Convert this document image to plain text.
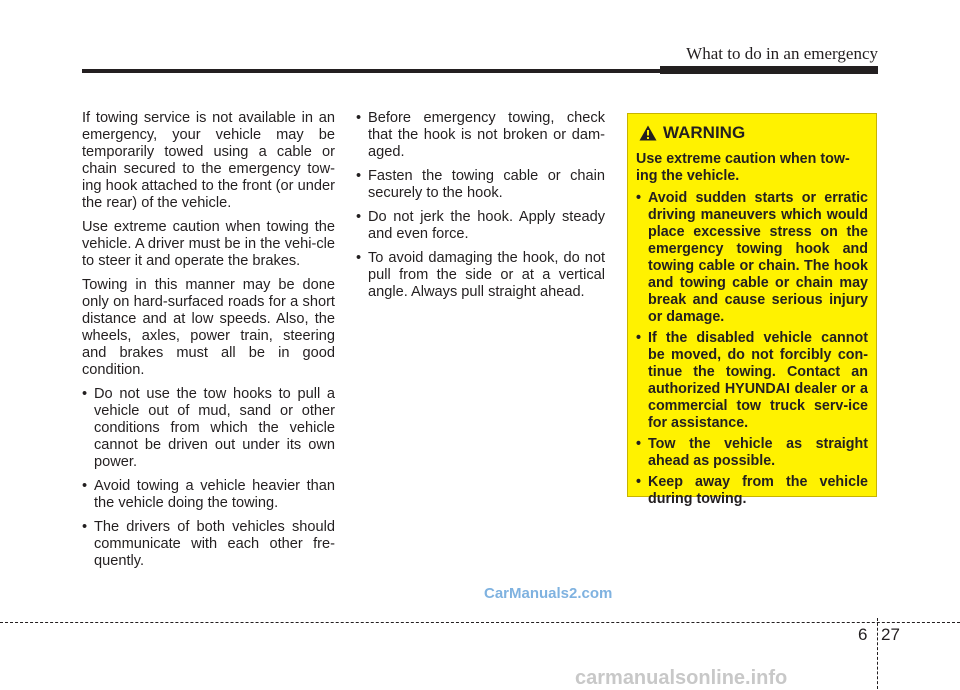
What to do in an emergency

If towing service is not available in an emergency, your vehicle may be temporarily towed using a cable or chain secured to the emergency tow-ing hook attached to the front (or under the rear) of the vehicle.

Use extreme caution when towing the vehicle. A driver must be in the vehi-cle to steer it and operate the brakes.

Towing in this manner may be done only on hard-surfaced roads for a short distance and at low speeds. Also, the wheels, axles, power train, steering and brakes must all be in good condition.

• Do not use the tow hooks to pull a vehicle out of mud, sand or other conditions from which the vehicle cannot be driven out under its own power.
• Avoid towing a vehicle heavier than the vehicle doing the towing.
• The drivers of both vehicles should communicate with each other fre-quently.
• Before emergency towing, check that the hook is not broken or dam-aged.
• Fasten the towing cable or chain securely to the hook.
• Do not jerk the hook. Apply steady and even force.
• To avoid damaging the hook, do not pull from the side or at a vertical angle. Always pull straight ahead.
WARNING

Use extreme caution when tow-ing the vehicle.

• Avoid sudden starts or erratic driving maneuvers which would place excessive stress on the emergency towing hook and towing cable or chain. The hook and towing cable or chain may break and cause serious injury or damage.
• If the disabled vehicle cannot be moved, do not forcibly con-tinue the towing. Contact an authorized HYUNDAI dealer or a commercial tow truck serv-ice for assistance.
• Tow the vehicle as straight ahead as possible.
• Keep away from the vehicle during towing.
CarManuals2.com
6 27
carmanualsonline.info
